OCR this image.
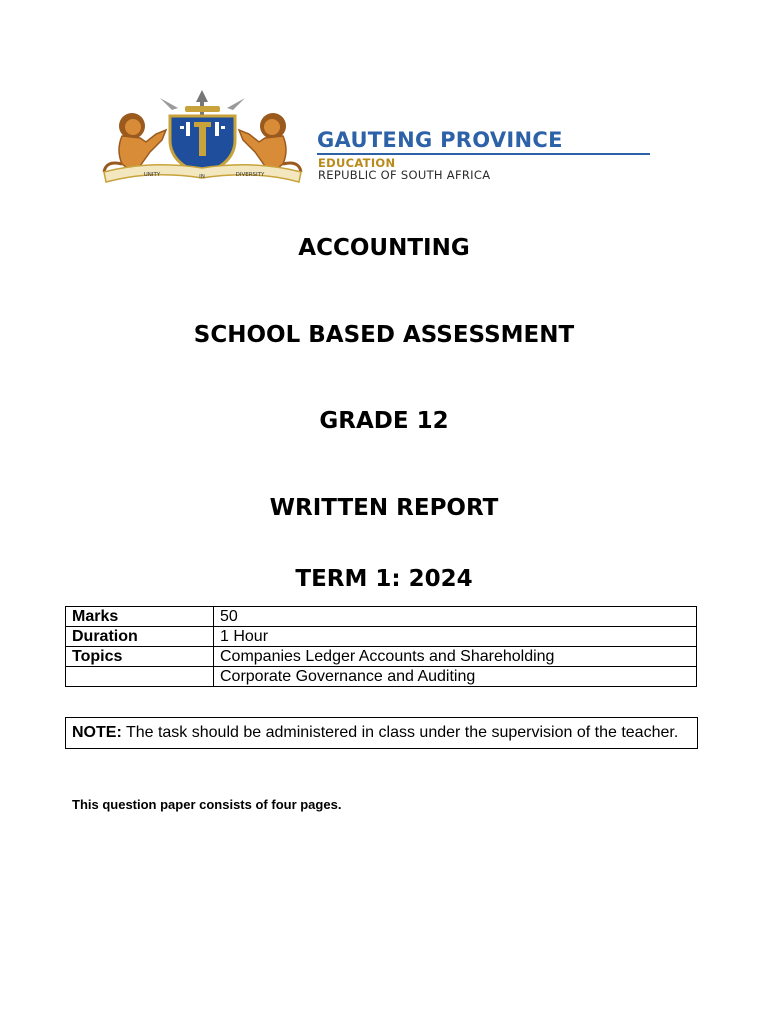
UNITY	IN	DIVERSITY
GAUTENG PROVINCE
EDUCATION
REPUBLIC OF SOUTH AFRICA
ACCOUNTING
SCHOOL BASED ASSESSMENT
GRADE 12
WRITTEN REPORT
TERM 1: 2024
Marks	50
Duration	1 Hour
Topics	Companies Ledger Accounts and Shareholding
	Corporate Governance and Auditing
NOTE: The task should be administered in class under the supervision of the teacher.
This question paper consists of four pages.
